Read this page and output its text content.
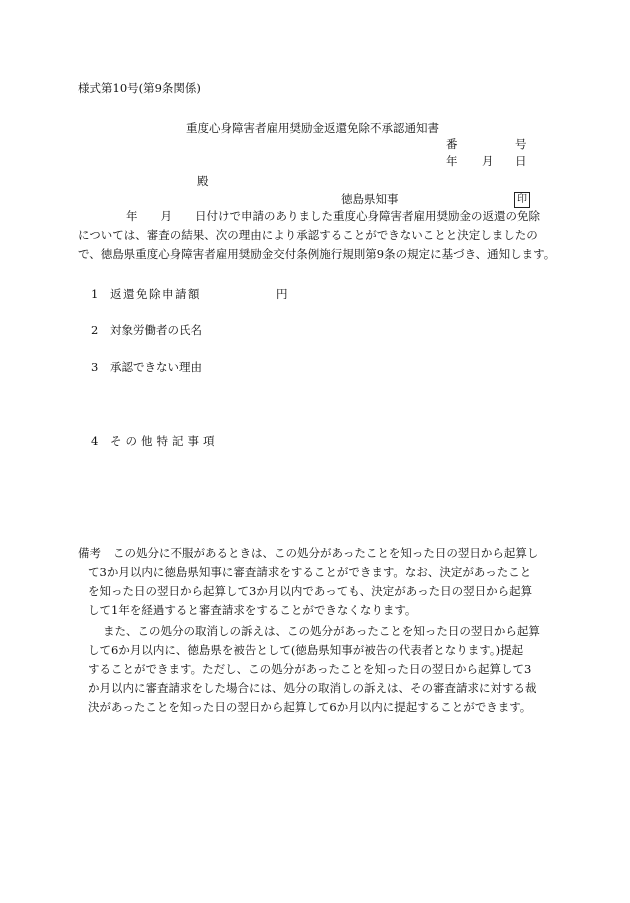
様式第10号(第9条関係)
重度心身障害者雇用奨励金返還免除不承認通知書
番	号
年 月 日
殿
徳島県知事	印
年　　月　　日付けで申請のありました重度心身障害者雇用奨励金の返還の免除
については、審査の結果、次の理由により承認することができないことと決定しましたの
で、徳島県重度心身障害者雇用奨励金交付条例施行規則第9条の規定に基づき、通知します。
1 返還免除申請額	円
2 対象労働者の氏名
3 承認できない理由
4 その他特記事項
備考 この処分に不服があるときは、この処分があったことを知った日の翌日から起算し
て3か月以内に徳島県知事に審査請求をすることができます。なお、決定があったこと
を知った日の翌日から起算して3か月以内であっても、決定があった日の翌日から起算
して1年を経過すると審査請求をすることができなくなります。
また、この処分の取消しの訴えは、この処分があったことを知った日の翌日から起算
して6か月以内に、徳島県を被告として(徳島県知事が被告の代表者となります。)提起
することができます。ただし、この処分があったことを知った日の翌日から起算して3
か月以内に審査請求をした場合には、処分の取消しの訴えは、その審査請求に対する裁
決があったことを知った日の翌日から起算して6か月以内に提起することができます。
